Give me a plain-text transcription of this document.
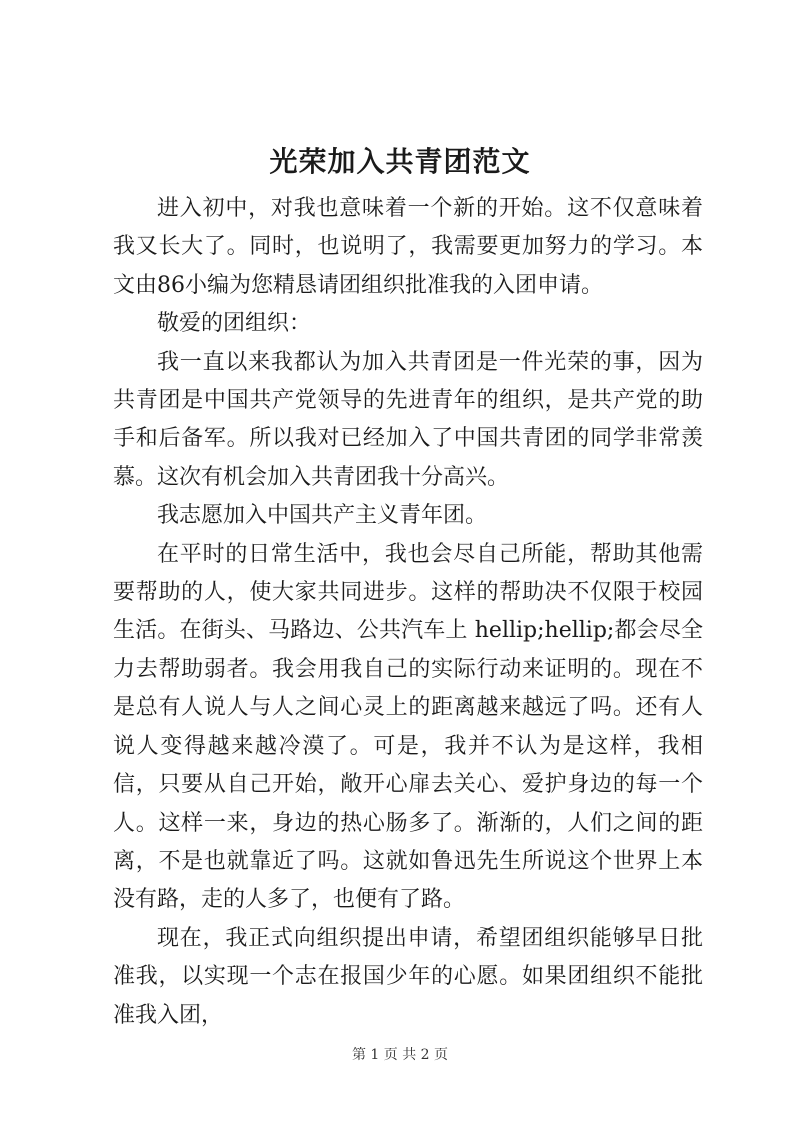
光荣加入共青团范文

进入初中，对我也意味着一个新的开始。这不仅意味着我又长大了。同时，也说明了，我需要更加努力的学习。本文由86小编为您精恳请团组织批准我的入团申请。

敬爱的团组织：

我一直以来我都认为加入共青团是一件光荣的事，因为共青团是中国共产党领导的先进青年的组织，是共产党的助手和后备军。所以我对已经加入了中国共青团的同学非常羡慕。这次有机会加入共青团我十分高兴。

我志愿加入中国共产主义青年团。

在平时的日常生活中，我也会尽自己所能，帮助其他需要帮助的人，使大家共同进步。这样的帮助决不仅限于校园生活。在街头、马路边、公共汽车上 hellip;hellip;都会尽全力去帮助弱者。我会用我自己的实际行动来证明的。现在不是总有人说人与人之间心灵上的距离越来越远了吗。还有人说人变得越来越冷漠了。可是，我并不认为是这样，我相信，只要从自己开始，敞开心扉去关心、爱护身边的每一个人。这样一来，身边的热心肠多了。渐渐的，人们之间的距离，不是也就靠近了吗。这就如鲁迅先生所说这个世界上本没有路，走的人多了，也便有了路。

现在，我正式向组织提出申请，希望团组织能够早日批准我，以实现一个志在报国少年的心愿。如果团组织不能批准我入团，

第 1 页 共 2 页
